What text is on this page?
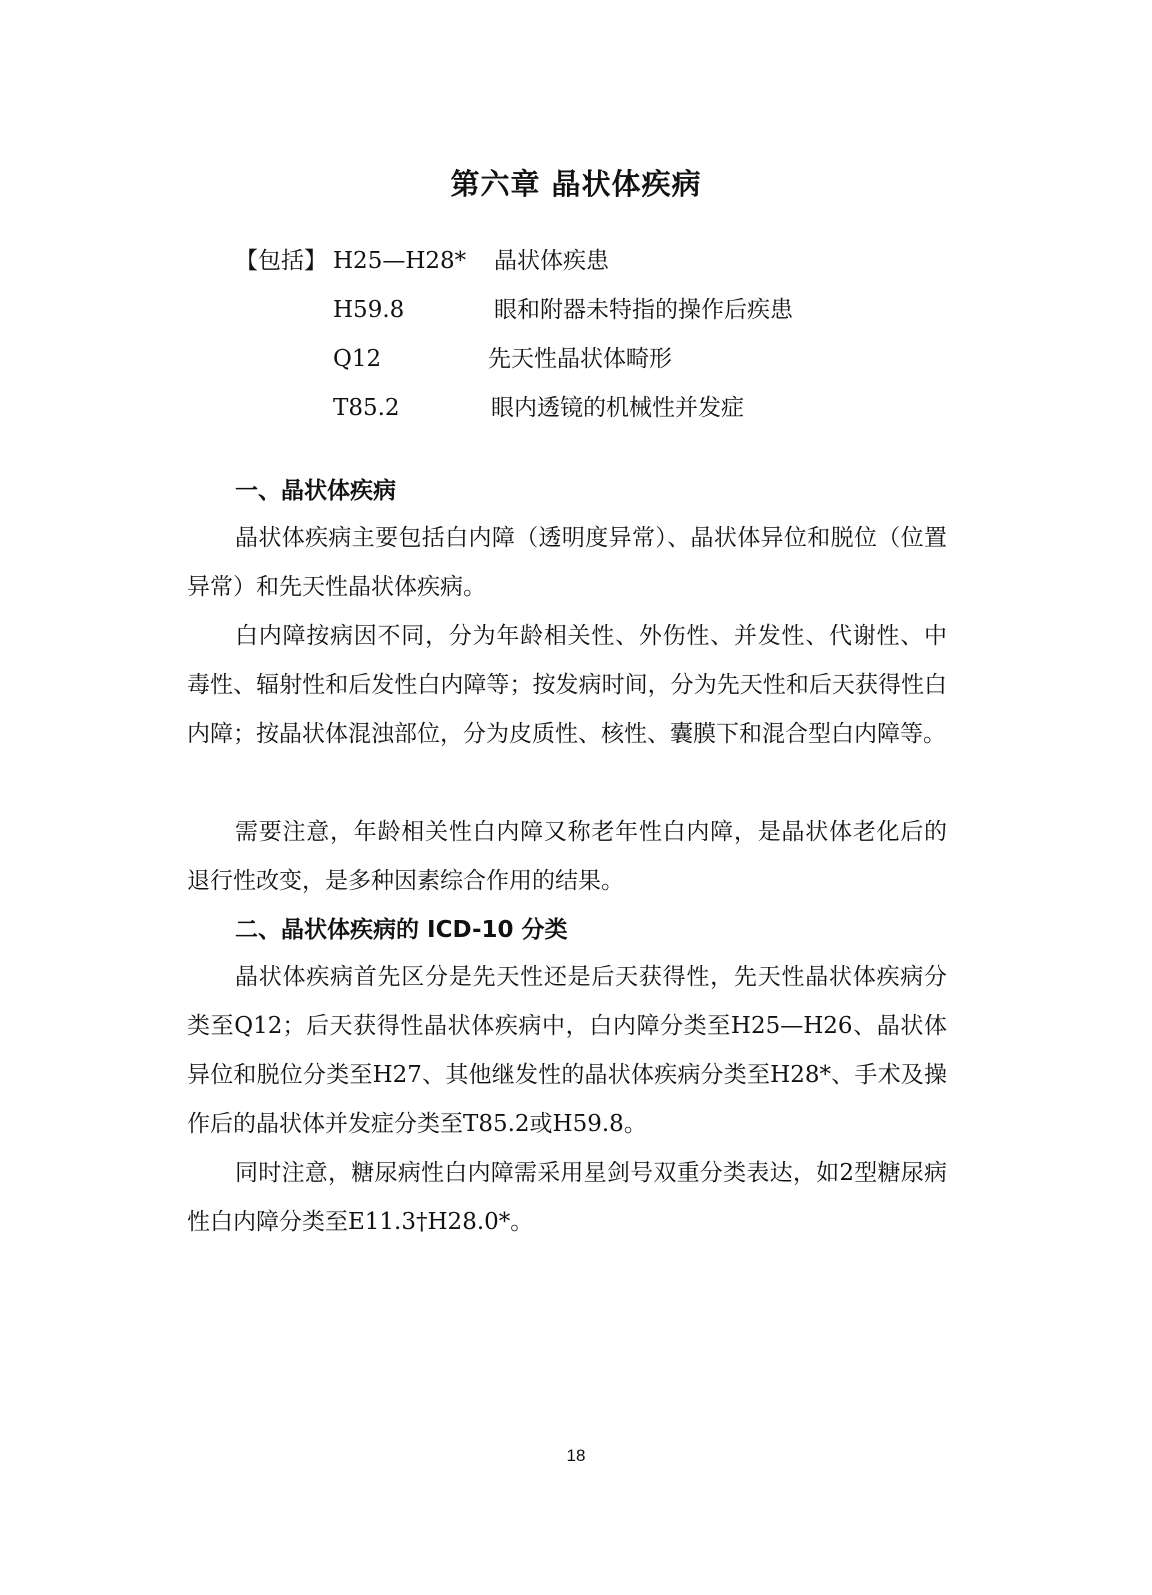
第六章 晶状体疾病
【包括】 H25—H28* 晶状体疾患
H59.8	眼和附器未特指的操作后疾患
Q12	先天性晶状体畸形
T85.2	眼内透镜的机械性并发症
一、晶状体疾病

晶状体疾病主要包括白内障（透明度异常）、晶状体异位和脱位（位置异常）和先天性晶状体疾病。

白内障按病因不同，分为年龄相关性、外伤性、并发性、代谢性、中毒性、辐射性和后发性白内障等；按发病时间，分为先天性和后天获得性白内障；按晶状体混浊部位，分为皮质性、核性、囊膜下和混合型白内障等。

需要注意，年龄相关性白内障又称老年性白内障，是晶状体老化后的退行性改变，是多种因素综合作用的结果。

二、晶状体疾病的 ICD-10 分类

晶状体疾病首先区分是先天性还是后天获得性，先天性晶状体疾病分类至Q12；后天获得性晶状体疾病中，白内障分类至H25—H26、晶状体异位和脱位分类至H27、其他继发性的晶状体疾病分类至H28*、手术及操作后的晶状体并发症分类至T85.2或H59.8。

同时注意，糖尿病性白内障需采用星剑号双重分类表达，如2型糖尿病性白内障分类至E11.3†H28.0*。

18
